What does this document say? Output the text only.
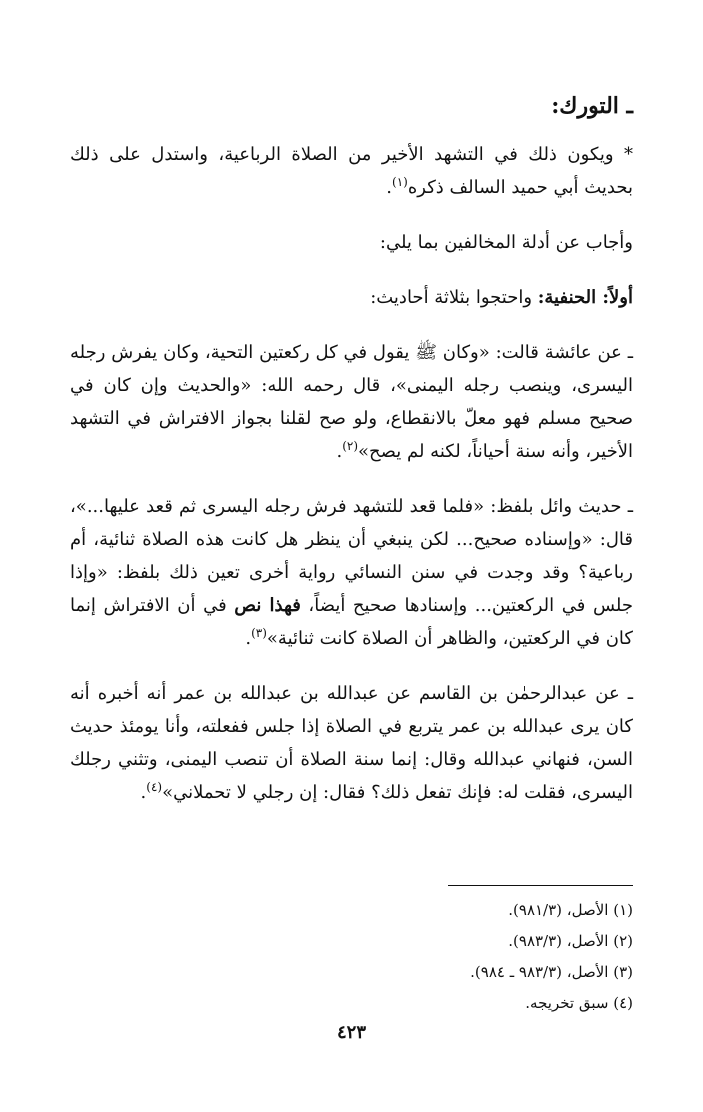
ـ التورك:

* ويكون ذلك في التشهد الأخير من الصلاة الرباعية، واستدل على ذلك بحديث أبي حميد السالف ذكره$^{(١)}$.

وأجاب عن أدلة المخالفين بما يلي:

أولاً: الحنفية: واحتجوا بثلاثة أحاديث:

ـ عن عائشة قالت: «وكان ﷺ يقول في كل ركعتين التحية، وكان يفرش رجله اليسرى، وينصب رجله اليمنى»، قال رحمه الله: «والحديث وإن كان في صحيح مسلم فهو معلّ بالانقطاع، ولو صح لقلنا بجواز الافتراش في التشهد الأخير، وأنه سنة أحياناً، لكنه لم يصح»$^{(٢)}$.

ـ حديث وائل بلفظ: «فلما قعد للتشهد فرش رجله اليسرى ثم قعد عليها...»، قال: «وإسناده صحيح... لكن ينبغي أن ينظر هل كانت هذه الصلاة ثنائية، أم رباعية؟ وقد وجدت في سنن النسائي رواية أخرى تعين ذلك بلفظ: «وإذا جلس في الركعتين... وإسنادها صحيح أيضاً، فهذا نص في أن الافتراش إنما كان في الركعتين، والظاهر أن الصلاة كانت ثنائية»$^{(٣)}$.

ـ عن عبدالرحمٰن بن القاسم عن عبدالله بن عبدالله بن عمر أنه أخبره أنه كان يرى عبدالله بن عمر يتربع في الصلاة إذا جلس ففعلته، وأنا يومئذ حديث السن، فنهاني عبدالله وقال: إنما سنة الصلاة أن تنصب اليمنى، وتثني رجلك اليسرى، فقلت له: فإنك تفعل ذلك؟ فقال: إن رجلي لا تحملاني»$^{(٤)}$.

(١) الأصل، (٩٨١/٣).
(٢) الأصل، (٩٨٣/٣).
(٣) الأصل، (٩٨٣/٣ ـ ٩٨٤).
(٤) سبق تخريجه.
٤٢٣
